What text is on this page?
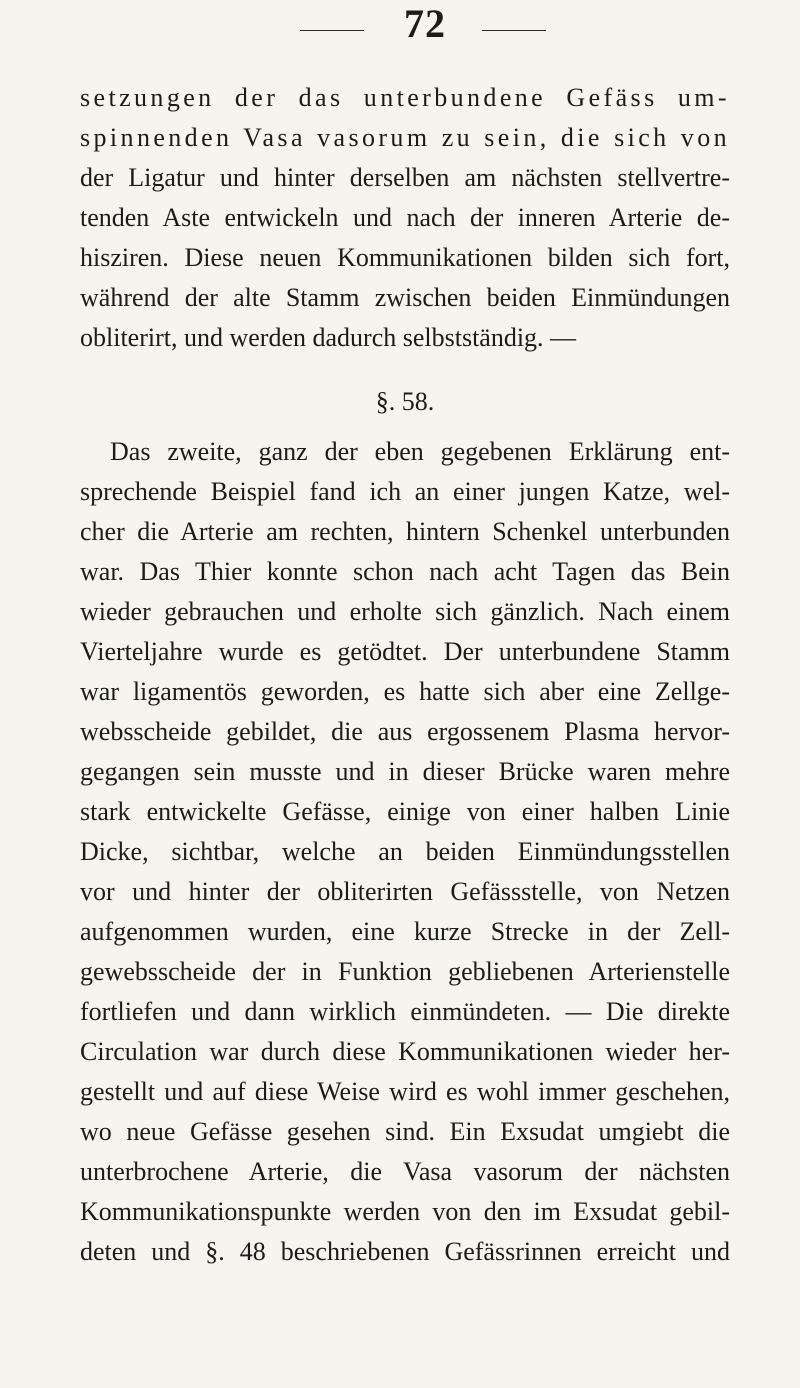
72
setzungen der das unterbundene Gefäss um-
spinnenden Vasa vasorum zu sein, die sich von
der Ligatur und hinter derselben am nächsten stellvertre-
tenden Aste entwickeln und nach der inneren Arterie de-
hisziren. Diese neuen Kommunikationen bilden sich fort,
während der alte Stamm zwischen beiden Einmündungen
obliterirt, und werden dadurch selbstständig. —
§. 58.
Das zweite, ganz der eben gegebenen Erklärung ent-
sprechende Beispiel fand ich an einer jungen Katze, wel-
cher die Arterie am rechten, hintern Schenkel unterbunden
war. Das Thier konnte schon nach acht Tagen das Bein
wieder gebrauchen und erholte sich gänzlich. Nach einem
Vierteljahre wurde es getödtet. Der unterbundene Stamm
war ligamentös geworden, es hatte sich aber eine Zellge-
websscheide gebildet, die aus ergossenem Plasma hervor-
gegangen sein musste und in dieser Brücke waren mehre
stark entwickelte Gefässe, einige von einer halben Linie
Dicke, sichtbar, welche an beiden Einmündungsstellen
vor und hinter der obliterirten Gefässstelle, von Netzen
aufgenommen wurden, eine kurze Strecke in der Zell-
gewebsscheide der in Funktion gebliebenen Arterienstelle
fortliefen und dann wirklich einmündeten. — Die direkte
Circulation war durch diese Kommunikationen wieder her-
gestellt und auf diese Weise wird es wohl immer geschehen,
wo neue Gefässe gesehen sind. Ein Exsudat umgiebt die
unterbrochene Arterie, die Vasa vasorum der nächsten
Kommunikationspunkte werden von den im Exsudat gebil-
deten und §. 48 beschriebenen Gefässrinnen erreicht und
